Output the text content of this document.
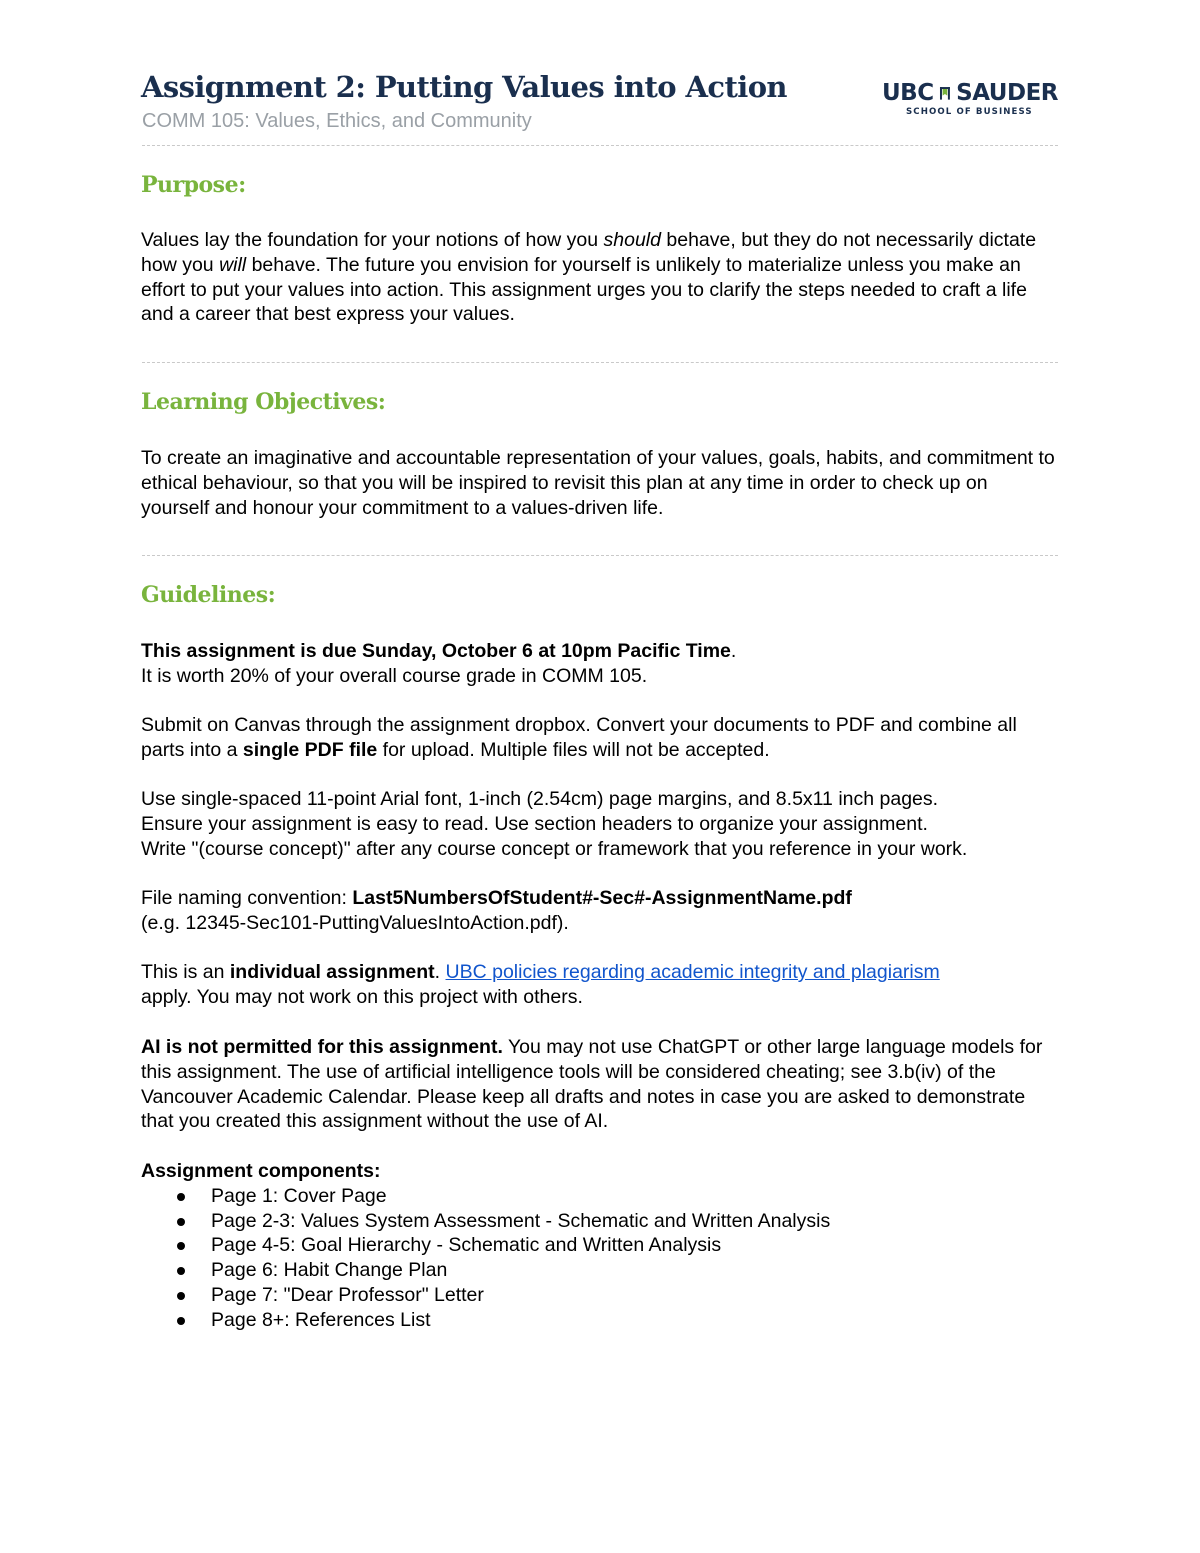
Assignment 2: Putting Values into Action
COMM 105: Values, Ethics, and Community
UBC SAUDER
SCHOOL OF BUSINESS
Purpose:

Values lay the foundation for your notions of how you should behave, but they do not necessarily dictate how you will behave. The future you envision for yourself is unlikely to materialize unless you make an effort to put your values into action. This assignment urges you to clarify the steps needed to craft a life and a career that best express your values.

Learning Objectives:

To create an imaginative and accountable representation of your values, goals, habits, and commitment to ethical behaviour, so that you will be inspired to revisit this plan at any time in order to check up on yourself and honour your commitment to a values-driven life.

Guidelines:

This assignment is due Sunday, October 6 at 10pm Pacific Time.

It is worth 20% of your overall course grade in COMM 105.

Submit on Canvas through the assignment dropbox. Convert your documents to PDF and combine all parts into a single PDF file for upload. Multiple files will not be accepted.

Use single-spaced 11-point Arial font, 1-inch (2.54cm) page margins, and 8.5x11 inch pages.

Ensure your assignment is easy to read. Use section headers to organize your assignment.

Write "(course concept)" after any course concept or framework that you reference in your work.

File naming convention: Last5NumbersOfStudent#-Sec#-AssignmentName.pdf

(e.g. 12345-Sec101-PuttingValuesIntoAction.pdf).

This is an individual assignment. UBC policies regarding academic integrity and plagiarism

apply. You may not work on this project with others.

AI is not permitted for this assignment. You may not use ChatGPT or other large language models for this assignment. The use of artificial intelligence tools will be considered cheating; see 3.b(iv) of the Vancouver Academic Calendar. Please keep all drafts and notes in case you are asked to demonstrate that you created this assignment without the use of AI.

Assignment components:

Page 1: Cover Page
Page 2-3: Values System Assessment - Schematic and Written Analysis
Page 4-5: Goal Hierarchy - Schematic and Written Analysis
Page 6: Habit Change Plan
Page 7: "Dear Professor" Letter
Page 8+: References List
